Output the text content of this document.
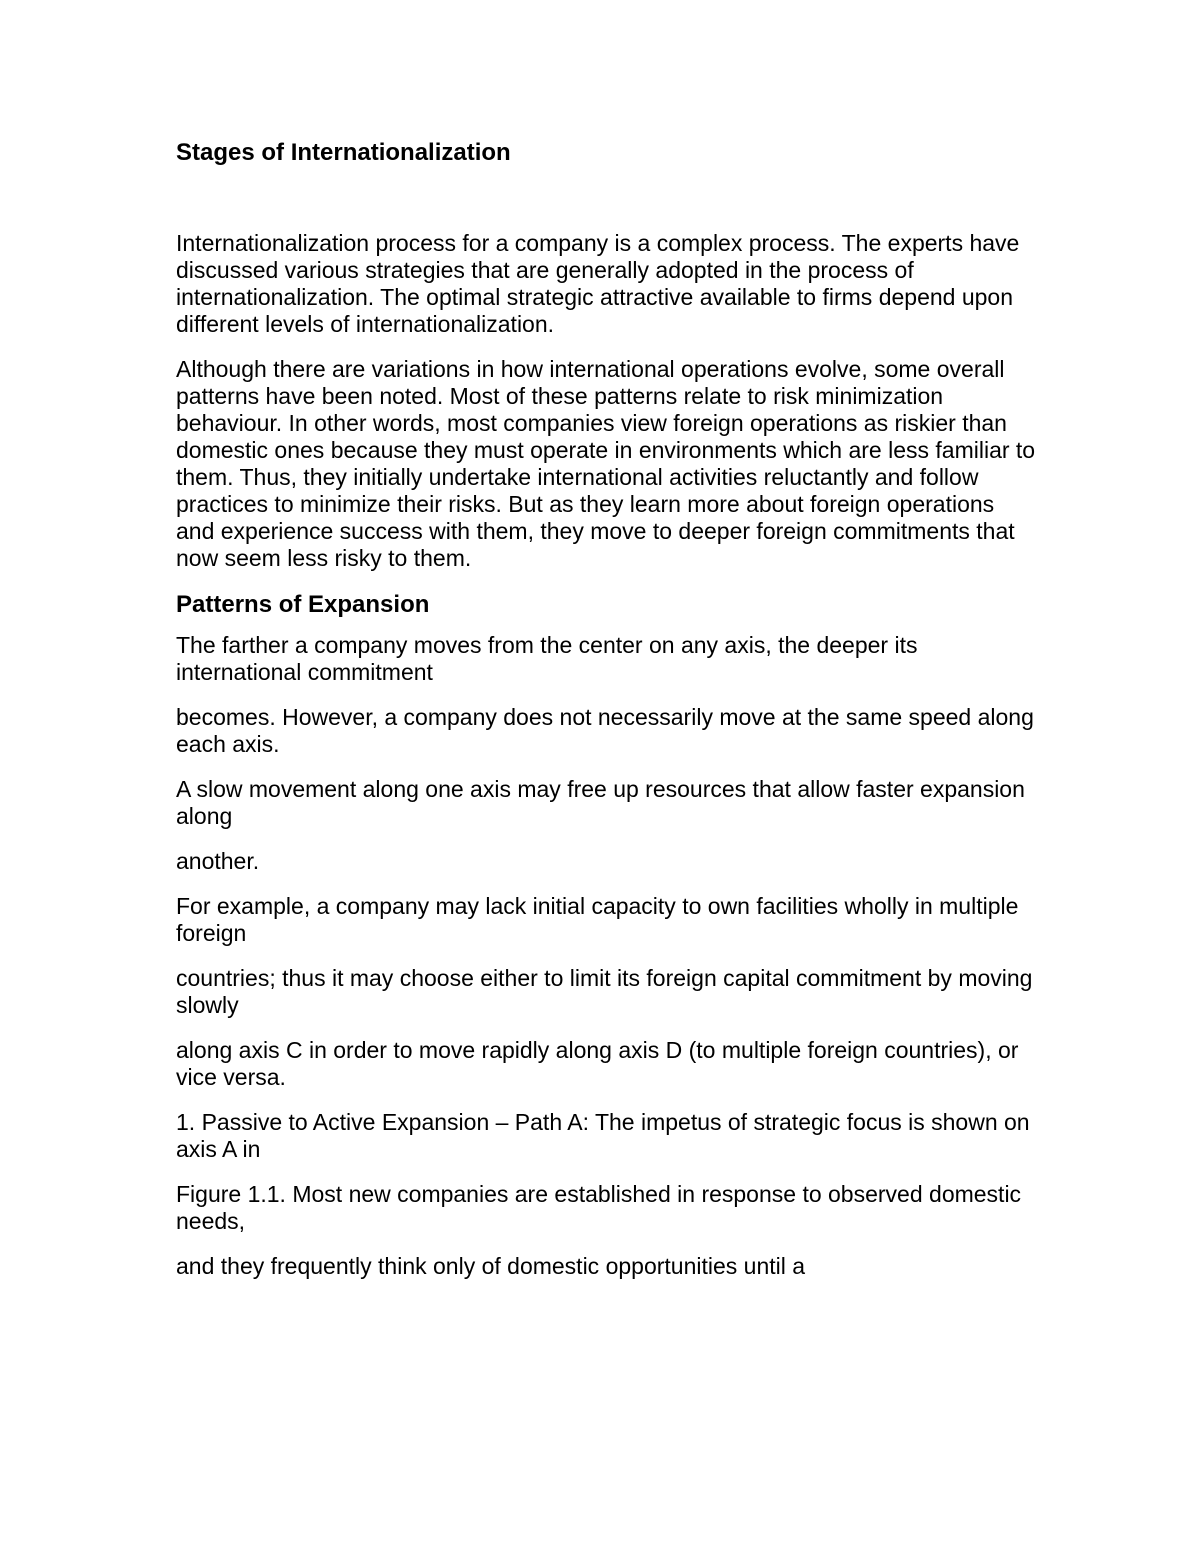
Stages of Internationalization

Internationalization process for a company is a complex process. The experts have discussed various strategies that are generally adopted in the process of internationalization. The optimal strategic attractive available to firms depend upon different levels of internationalization.

Although there are variations in how international operations evolve, some overall patterns have been noted. Most of these patterns relate to risk minimization behaviour. In other words, most companies view foreign operations as riskier than domestic ones because they must operate in environments which are less familiar to them. Thus, they initially undertake international activities reluctantly and follow practices to minimize their risks. But as they learn more about foreign operations and experience success with them, they move to deeper foreign commitments that now seem less risky to them.

Patterns of Expansion

The farther a company moves from the center on any axis, the deeper its international commitment

becomes. However, a company does not necessarily move at the same speed along each axis.

A slow movement along one axis may free up resources that allow faster expansion along

another.

For example, a company may lack initial capacity to own facilities wholly in multiple foreign

countries; thus it may choose either to limit its foreign capital commitment by moving slowly

along axis C in order to move rapidly along axis D (to multiple foreign countries), or vice versa.

1. Passive to Active Expansion – Path A: The impetus of strategic focus is shown on axis A in

Figure 1.1. Most new companies are established in response to observed domestic needs,

and they frequently think only of domestic opportunities until a
